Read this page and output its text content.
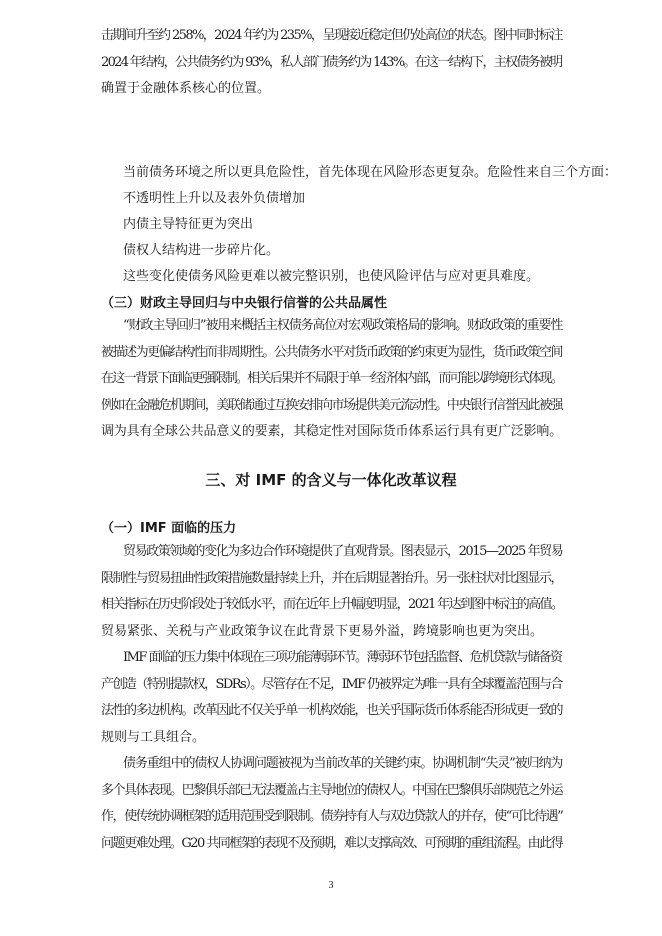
击期间升至约 258%，2024 年约为 235%，呈现接近稳定但仍处高位的状态。图中同时标注
2024 年结构，公共债务约为 93%，私人部门债务约为 143%。在这一结构下，主权债务被明
确置于金融体系核心的位置。

当前债务环境之所以更具危险性，首先体现在风险形态更复杂。危险性来自三个方面：

不透明性上升以及表外负债增加

内债主导特征更为突出

债权人结构进一步碎片化。

这些变化使债务风险更难以被完整识别，也使风险评估与应对更具难度。

（三）财政主导回归与中央银行信誉的公共品属性

“财政主导回归”被用来概括主权债务高位对宏观政策格局的影响。财政政策的重要性
被描述为更偏结构性而非周期性。公共债务水平对货币政策的约束更为显性，货币政策空间
在这一背景下面临更强限制。相关后果并不局限于单一经济体内部，而可能以跨境形式体现。
例如在金融危机期间，美联储通过互换安排向市场提供美元流动性。中央银行信誉因此被强
调为具有全球公共品意义的要素，其稳定性对国际货币体系运行具有更广泛影响。

三、对 IMF 的含义与一体化改革议程

（一）IMF 面临的压力

贸易政策领域的变化为多边合作环境提供了直观背景。图表显示，2015—2025 年贸易
限制性与贸易扭曲性政策措施数量持续上升，并在后期显著抬升。另一张柱状对比图显示，
相关指标在历史阶段处于较低水平，而在近年上升幅度明显，2021 年达到图中标注的高值。
贸易紧张、关税与产业政策争议在此背景下更易外溢，跨境影响也更为突出。

IMF 面临的压力集中体现在三项功能薄弱环节。薄弱环节包括监督、危机贷款与储备资
产创造（特别提款权，SDRs）。尽管存在不足，IMF 仍被界定为唯一具有全球覆盖范围与合
法性的多边机构。改革因此不仅关乎单一机构效能，也关乎国际货币体系能否形成更一致的
规则与工具组合。

债务重组中的债权人协调问题被视为当前改革的关键约束。协调机制“失灵”被归纳为
多个具体表现。巴黎俱乐部已无法覆盖占主导地位的债权人。中国在巴黎俱乐部规范之外运
作，使传统协调框架的适用范围受到限制。债券持有人与双边贷款人的并存，使“可比待遇”
问题更难处理。G20 共同框架的表现不及预期，难以支撑高效、可预期的重组流程。由此得

3
